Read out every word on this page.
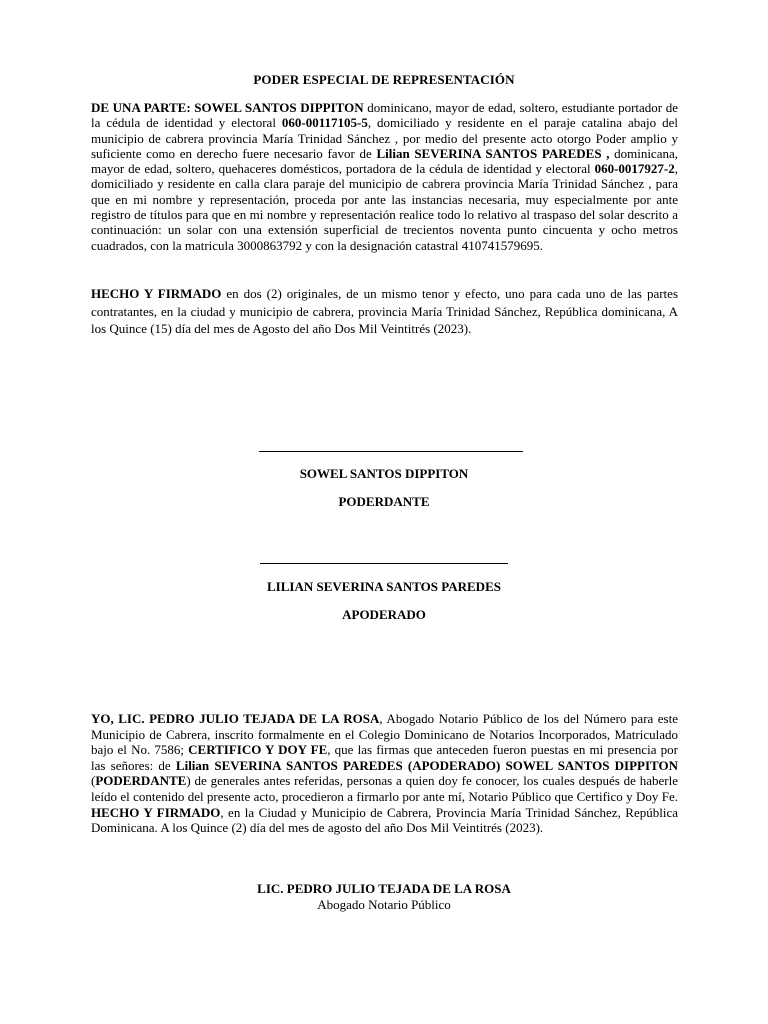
PODER ESPECIAL DE REPRESENTACIÓN
DE UNA PARTE: SOWEL SANTOS DIPPITON dominicano, mayor de edad, soltero, estudiante portador de la cédula de identidad y electoral 060-00117105-5, domiciliado y residente en el paraje catalina abajo del municipio de cabrera provincia María Trinidad Sánchez , por medio del presente acto otorgo Poder amplio y suficiente como en derecho fuere necesario favor de Lilian SEVERINA SANTOS PAREDES , dominicana, mayor de edad, soltero, quehaceres domésticos, portadora de la cédula de identidad y electoral 060-0017927-2, domiciliado y residente en calla clara paraje del municipio de cabrera provincia María Trinidad Sánchez , para que en mi nombre y representación, proceda por ante las instancias necesaria, muy especialmente por ante registro de títulos para que en mi nombre y representación realice todo lo relativo al traspaso del solar descrito a continuación: un solar con una extensión superficial de trecientos noventa punto cincuenta y ocho metros cuadrados, con la matricula 3000863792 y con la designación catastral 410741579695.
HECHO Y FIRMADO en dos (2) originales, de un mismo tenor y efecto, uno para cada uno de las partes contratantes, en la ciudad y municipio de cabrera, provincia María Trinidad Sánchez, República dominicana, A los Quince (15) día del mes de Agosto del año Dos Mil Veintitrés (2023).
SOWEL SANTOS DIPPITON
PODERDANTE
LILIAN SEVERINA SANTOS PAREDES
APODERADO
YO, LIC. PEDRO JULIO TEJADA DE LA ROSA, Abogado Notario Público de los del Número para este Municipio de Cabrera, inscrito formalmente en el Colegio Dominicano de Notarios Incorporados, Matriculado bajo el No. 7586; CERTIFICO Y DOY FE, que las firmas que anteceden fueron puestas en mi presencia por las señores: de Lilian SEVERINA SANTOS PAREDES (APODERADO) SOWEL SANTOS DIPPITON (PODERDANTE) de generales antes referidas, personas a quien doy fe conocer, los cuales después de haberle leído el contenido del presente acto, procedieron a firmarlo por ante mí, Notario Público que Certifico y Doy Fe. HECHO Y FIRMADO, en la Ciudad y Municipio de Cabrera, Provincia María Trinidad Sánchez, República Dominicana. A los Quince (2) día del mes de agosto del año Dos Mil Veintitrés (2023).
LIC. PEDRO JULIO TEJADA DE LA ROSA
Abogado Notario Público
